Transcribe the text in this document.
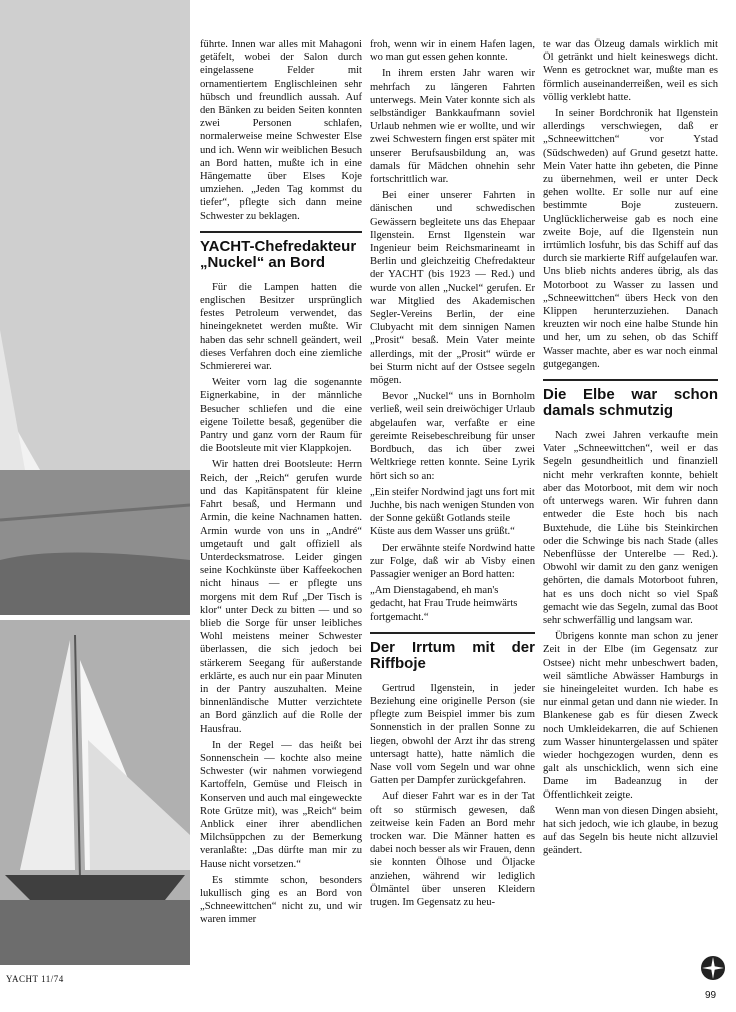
führte. Innen war alles mit Mahagoni getäfelt, wobei der Salon durch eingelassene Felder mit ornamentiertem Englischleinen sehr hübsch und freundlich aussah. Auf den Bänken zu beiden Seiten konnten zwei Personen schlafen, normalerweise meine Schwester Else und ich. Wenn wir weiblichen Besuch an Bord hatten, mußte ich in eine Hängematte über Elses Koje umziehen. „Jeden Tag kommst du tiefer“, pflegte sich dann meine Schwester zu beklagen.

YACHT-Chefredakteur „Nuckel“ an Bord

Für die Lampen hatten die englischen Besitzer ursprünglich festes Petroleum verwendet, das hineingeknetet werden mußte. Wir haben das sehr schnell geändert, weil dieses Verfahren doch eine ziemliche Schmiererei war.

Weiter vorn lag die sogenannte Eignerkabine, in der männliche Besucher schliefen und die eine eigene Toilette besaß, gegenüber die Pantry und ganz vorn der Raum für die Bootsleute mit vier Klappkojen.

Wir hatten drei Bootsleute: Herrn Reich, der „Reich“ gerufen wurde und das Kapitänspatent für kleine Fahrt besaß, und Hermann und Armin, die keine Nachnamen hatten. Armin wurde von uns in „André“ umgetauft und galt offiziell als Unterdecksmatrose. Leider gingen seine Kochkünste über Kaffeekochen nicht hinaus — er pflegte uns morgens mit dem Ruf „Der Tisch is klor“ unter Deck zu bitten — und so blieb die Sorge für unser leibliches Wohl meistens meiner Schwester überlassen, die sich jedoch bei stärkerem Seegang für außerstande erklärte, es auch nur ein paar Minuten in der Pantry auszuhalten. Meine binnenländische Mutter verzichtete an Bord gänzlich auf die Rolle der Hausfrau.

In der Regel — das heißt bei Sonnenschein — kochte also meine Schwester (wir nahmen vorwiegend Kartoffeln, Gemüse und Fleisch in Konserven und auch mal eingeweckte Rote Grütze mit), was „Reich“ beim Anblick einer ihrer abendlichen Milchsüppchen zu der Bemerkung veranlaßte: „Das dürfte man mir zu Hause nicht vorsetzen.“

Es stimmte schon, besonders lukullisch ging es an Bord von „Schneewittchen“ nicht zu, und wir waren immer

froh, wenn wir in einem Hafen lagen, wo man gut essen gehen konnte.

In ihrem ersten Jahr waren wir mehrfach zu längeren Fahrten unterwegs. Mein Vater konnte sich als selbständiger Bankkaufmann soviel Urlaub nehmen wie er wollte, und wir zwei Schwestern fingen erst später mit unserer Berufsausbildung an, was damals für Mädchen ohnehin sehr fortschrittlich war.

Bei einer unserer Fahrten in dänischen und schwedischen Gewässern begleitete uns das Ehepaar Ilgenstein. Ernst Ilgenstein war Ingenieur beim Reichsmarineamt in Berlin und gleichzeitig Chefredakteur der YACHT (bis 1923 — Red.) und wurde von allen „Nuckel“ gerufen. Er war Mitglied des Akademischen Segler-Vereins Berlin, der eine Clubyacht mit dem sinnigen Namen „Prosit“ besaß. Mein Vater meinte allerdings, mit der „Prosit“ würde er bei Sturm nicht auf der Ostsee segeln mögen.

Bevor „Nuckel“ uns in Bornholm verließ, weil sein dreiwöchiger Urlaub abgelaufen war, verfaßte er eine gereimte Reisebeschreibung für unser Bordbuch, das ich über zwei Weltkriege retten konnte. Seine Lyrik hört sich so an:

„Ein steifer Nordwind jagt uns fort mit Juchhe, bis nach wenigen Stunden von der Sonne geküßt Gotlands steile Küste aus dem Wasser uns grüßt.“

Der erwähnte steife Nordwind hatte zur Folge, daß wir ab Visby einen Passagier weniger an Bord hatten:

„Am Dienstagabend, eh man's gedacht, hat Frau Trude heimwärts fortgemacht.“

Der Irrtum mit der Riffboje

Gertrud Ilgenstein, in jeder Beziehung eine originelle Person (sie pflegte zum Beispiel immer bis zum Sonnenstich in der prallen Sonne zu liegen, obwohl der Arzt ihr das streng untersagt hatte), hatte nämlich die Nase voll vom Segeln und war ohne Gatten per Dampfer zurückgefahren.

Auf dieser Fahrt war es in der Tat oft so stürmisch gewesen, daß zeitweise kein Faden an Bord mehr trocken war. Die Männer hatten es dabei noch besser als wir Frauen, denn sie konnten Ölhose und Öljacke anziehen, während wir lediglich Ölmäntel über unseren Kleidern trugen. Im Gegensatz zu heu-

te war das Ölzeug damals wirklich mit Öl getränkt und hielt keineswegs dicht. Wenn es getrocknet war, mußte man es förmlich auseinanderreißen, weil es sich völlig verklebt hatte.

In seiner Bordchronik hat Ilgenstein allerdings verschwiegen, daß er „Schneewittchen“ vor Ystad (Südschweden) auf Grund gesetzt hatte. Mein Vater hatte ihn gebeten, die Pinne zu übernehmen, weil er unter Deck gehen wollte. Er solle nur auf eine bestimmte Boje zusteuern. Unglücklicherweise gab es noch eine zweite Boje, auf die Ilgenstein nun irrtümlich losfuhr, bis das Schiff auf das durch sie markierte Riff aufgelaufen war. Uns blieb nichts anderes übrig, als das Motorboot zu Wasser zu lassen und „Schneewittchen“ übers Heck von den Klippen herunterzuziehen. Danach kreuzten wir noch eine halbe Stunde hin und her, um zu sehen, ob das Schiff Wasser machte, aber es war noch einmal gutgegangen.

Die Elbe war schon damals schmutzig

Nach zwei Jahren verkaufte mein Vater „Schneewittchen“, weil er das Segeln gesundheitlich und finanziell nicht mehr verkraften konnte, behielt aber das Motorboot, mit dem wir noch oft unterwegs waren. Wir fuhren dann entweder die Este hoch bis nach Buxtehude, die Lühe bis Steinkirchen oder die Schwinge bis nach Stade (alles Nebenflüsse der Unterelbe — Red.). Obwohl wir damit zu den ganz wenigen gehörten, die damals Motorboot fuhren, hat es uns doch nicht so viel Spaß gemacht wie das Segeln, zumal das Boot sehr schwerfällig und langsam war.

Übrigens konnte man schon zu jener Zeit in der Elbe (im Gegensatz zur Ostsee) nicht mehr unbeschwert baden, weil sämtliche Abwässer Hamburgs in sie hineingeleitet wurden. Ich habe es nur einmal getan und dann nie wieder. In Blankenese gab es für diesen Zweck noch Umkleidekarren, die auf Schienen zum Wasser hinuntergelassen und später wieder hochgezogen wurden, denn es galt als unschicklich, wenn sich eine Dame im Badeanzug in der Öffentlichkeit zeigte.

Wenn man von diesen Dingen absieht, hat sich jedoch, wie ich glaube, in bezug auf das Segeln bis heute nicht allzuviel geändert.

YACHT 11/74
99
